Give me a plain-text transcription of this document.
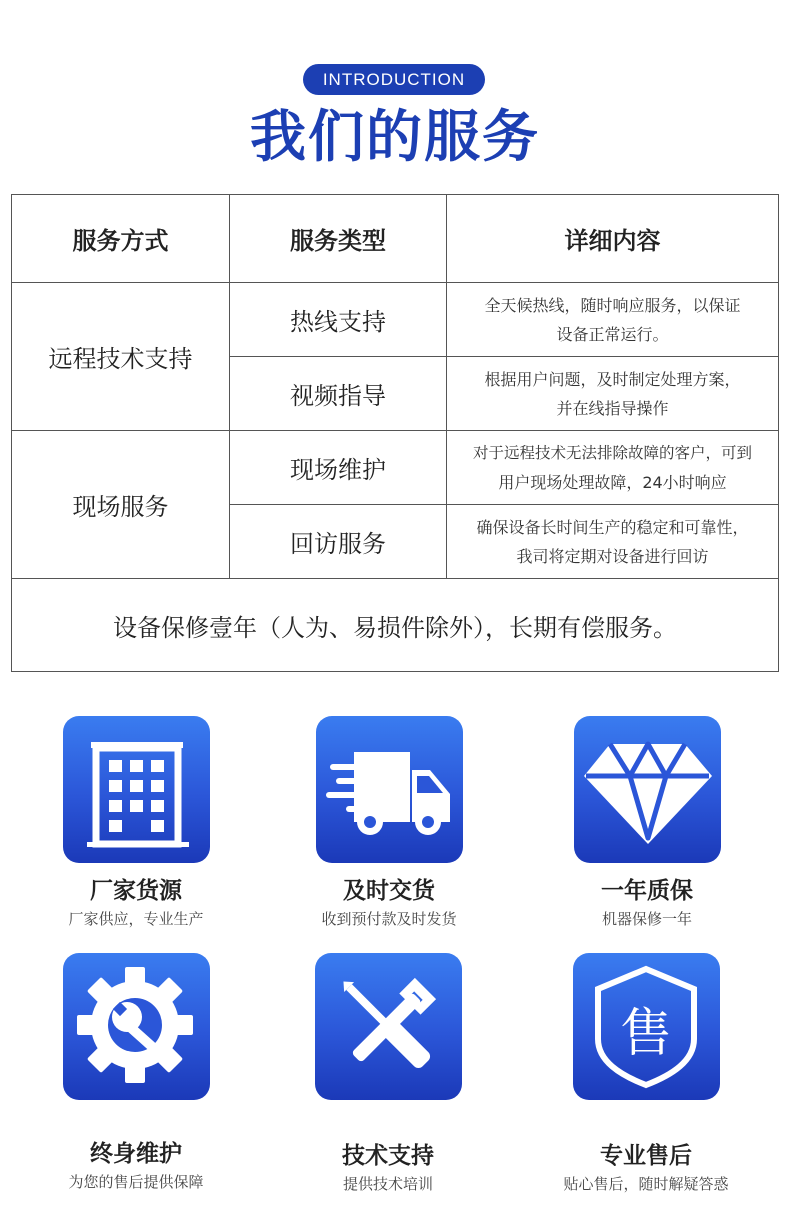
INTRODUCTION
我们的服务
服务方式	服务类型	详细内容
远程技术支持	热线支持	全天候热线，随时响应服务，以保证
设备正常运行。

	视频指导	根据用户问题，及时制定处理方案，
并在线指导操作

现场服务	现场维护	对于远程技术无法排除故障的客户，可到
用户现场处理故障，24小时响应

	回访服务	确保设备长时间生产的稳定和可靠性，
我司将定期对设备进行回访

设备保修壹年（人为、易损件除外），长期有偿服务。		
厂家货源
厂家供应，专业生产
及时交货
收到预付款及时发货
一年质保
机器保修一年
终身维护
为您的售后提供保障
技术支持
提供技术培训
售
专业售后
贴心售后，随时解疑答惑
